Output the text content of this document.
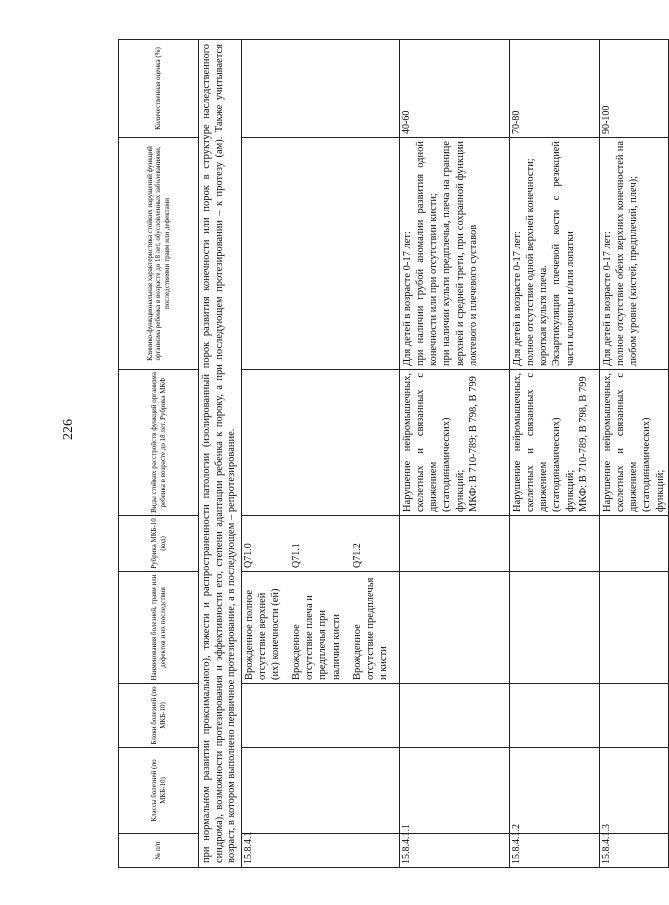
226
№ п/п	Классы болезней (по МКБ-10)	Блоки болезней (по МКБ-10)	Наименования болезней, травм или дефектов и их последствия	Рубрика МКБ-10 (код)	Виды стойких расстройств функций организма ребенка в возрасте до 18 лет. Рубрика МКФ	Клинико-функциональная характеристика стойких нарушений функций организма ребенка в возрасте до 18 лет, обусловленных заболеваниями, последствиями травм или дефектами	Количественная оценка (%)
при нормальном развитии проксимального), тяжести и распространенности патологии (изолированный порок развития конечности или порок в структуре наследственного синдрома), возможности протезирования и эффективности его, степени адаптации ребенка к пороку, а при последующем протезировании – к протезу (ам). Также учитывается возраст, в котором выполнено первичное протезирование, а в последующем – репротезирование.							
15.8.4.1			Врожденное полное отсутствие верхней (их) конечности (ей) Врожденное отсутствие плеча и предплечья при наличии кисти Врожденное отсутствие предплечья и кисти	Q71.0 Q71.1 Q71.2			

15.8.4.1.1					Нарушение нейромышечных, скелетных и связанных с движением (статодинамических) функций; МКФ: B 710-789; B 798, B 799	Для детей в возрасте 0-17 лет: при наличии грубой аномалии развития одной конечности или при отсутствии кисти; при наличии культи предплечья, плеча на границе верхней и средней трети, при сохранной функции локтевого и плечевого суставов	40-60
15.8.4.1.2					Нарушение нейромышечных, скелетных и связанных с движением (статодинамических) функций; МКФ: B 710-789, B 798, B 799	Для детей в возрасте 0-17 лет: полное отсутствие одной верхней конечности; короткая культя плеча. Экзартикуляция плечевой кости с резекцией части ключицы и/или лопатки	70-80
15.8.4.1.3					Нарушение нейромышечных, скелетных и связанных с движением (статодинамических) функций;	Для детей в возрасте 0-17 лет: полное отсутствие обеих верхних конечностей на любом уровне (кистей, предплечий, плеч);	90-100
